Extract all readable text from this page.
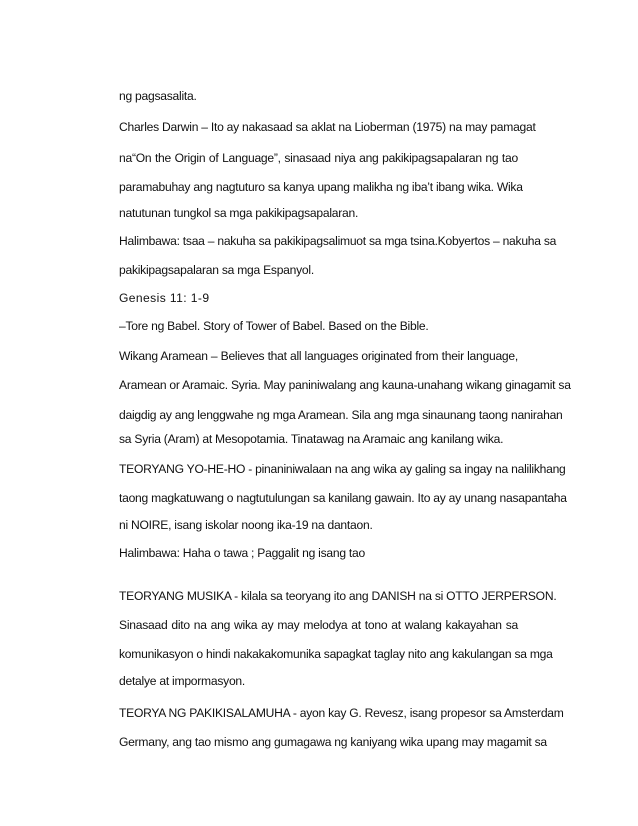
ng pagsasalita.
Charles Darwin – Ito ay nakasaad sa aklat na Lioberman (1975) na may pamagat
na“On the Origin of Language”, sinasaad niya ang pakikipagsapalaran ng tao
paramabuhay ang nagtuturo sa kanya upang malikha ng iba’t ibang wika. Wika
natutunan tungkol sa mga pakikipagsapalaran.
Halimbawa: tsaa – nakuha sa pakikipagsalimuot sa mga tsina.Kobyertos – nakuha sa
pakikipagsapalaran sa mga Espanyol.
Genesis 11: 1-9
–Tore ng Babel. Story of Tower of Babel. Based on the Bible.
Wikang Aramean – Believes that all languages originated from their language,
Aramean or Aramaic. Syria. May paniniwalang ang kauna-unahang wikang ginagamit sa
daigdig ay ang lenggwahe ng mga Aramean. Sila ang mga sinaunang taong nanirahan
sa Syria (Aram) at Mesopotamia. Tinatawag na Aramaic ang kanilang wika.
TEORYANG YO-HE-HO - pinaniniwalaan na ang wika ay galing sa ingay na nalilikhang
taong magkatuwang o nagtutulungan sa kanilang gawain. Ito ay ay unang nasapantaha
ni NOIRE, isang iskolar noong ika-19 na dantaon.
Halimbawa: Haha o tawa ; Paggalit ng isang tao
TEORYANG MUSIKA - kilala sa teoryang ito ang DANISH na si OTTO JERPERSON.
Sinasaad dito na ang wika ay may melodya at tono at walang kakayahan sa
komunikasyon o hindi nakakakomunika sapagkat taglay nito ang kakulangan sa mga
detalye at impormasyon.
TEORYA NG PAKIKISALAMUHA - ayon kay G. Revesz, isang propesor sa Amsterdam
Germany, ang tao mismo ang gumagawa ng kaniyang wika upang may magamit sa
